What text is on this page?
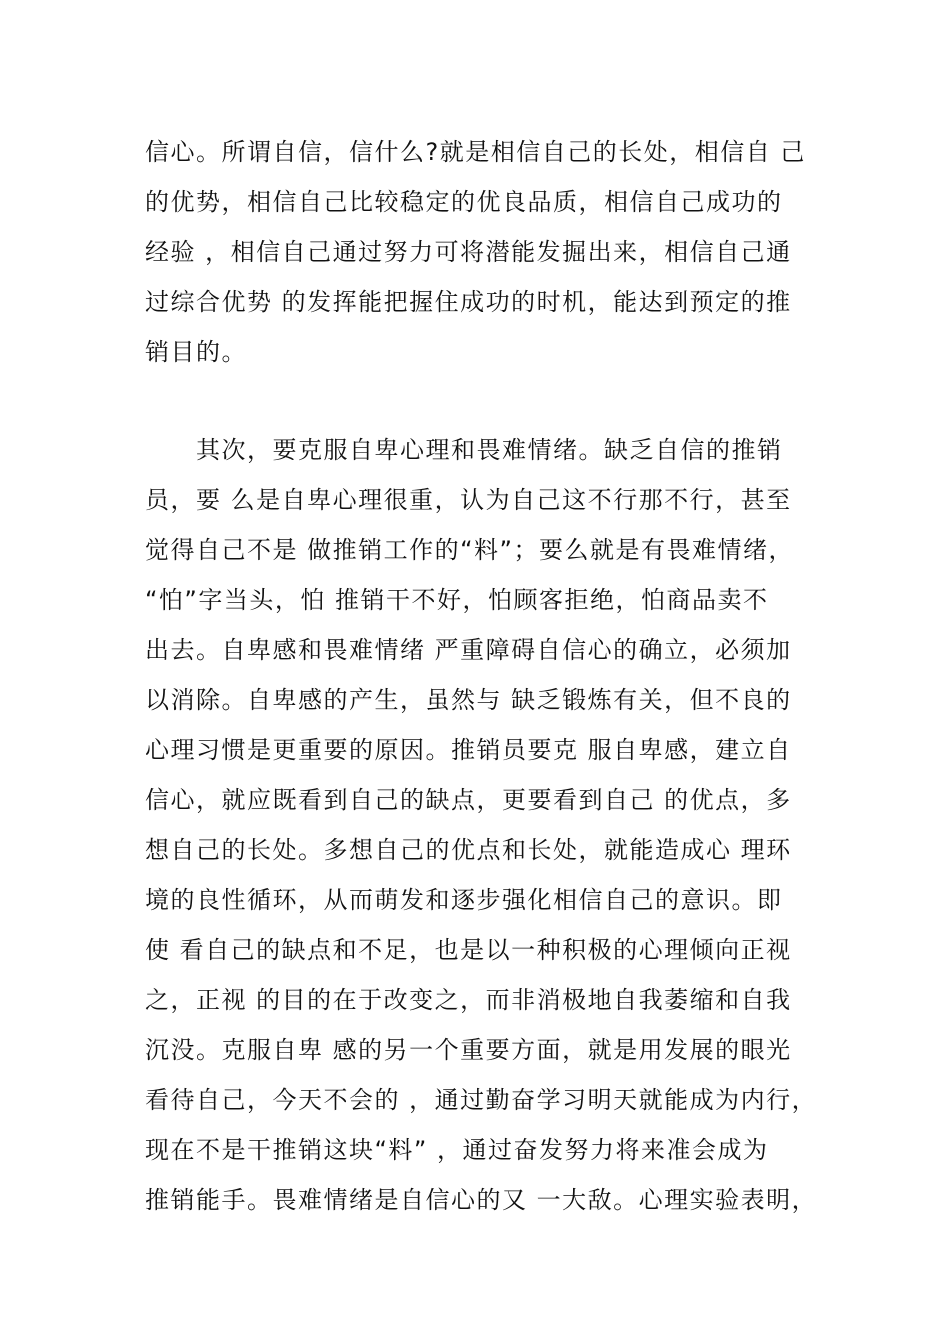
信心。所谓自信，信什么?就是相信自己的长处，相信自 己
的优势，相信自己比较稳定的优良品质，相信自己成功的
经验 ，相信自己通过努力可将潜能发掘出来，相信自己通
过综合优势 的发挥能把握住成功的时机，能达到预定的推
销目的。
　　其次，要克服自卑心理和畏难情绪。缺乏自信的推销
员，要 么是自卑心理很重，认为自己这不行那不行，甚至
觉得自己不是 做推销工作的“料”；要么就是有畏难情绪，
“怕”字当头，怕 推销干不好，怕顾客拒绝，怕商品卖不
出去。自卑感和畏难情绪 严重障碍自信心的确立，必须加
以消除。自卑感的产生，虽然与 缺乏锻炼有关，但不良的
心理习惯是更重要的原因。推销员要克 服自卑感，建立自
信心，就应既看到自己的缺点，更要看到自己 的优点，多
想自己的长处。多想自己的优点和长处，就能造成心 理环
境的良性循环，从而萌发和逐步强化相信自己的意识。即
使 看自己的缺点和不足，也是以一种积极的心理倾向正视
之，正视 的目的在于改变之，而非消极地自我萎缩和自我
沉没。克服自卑 感的另一个重要方面，就是用发展的眼光
看待自己，今天不会的 ，通过勤奋学习明天就能成为内行，
现在不是干推销这块“料” ，通过奋发努力将来准会成为
推销能手。畏难情绪是自信心的又 一大敌。心理实验表明，
